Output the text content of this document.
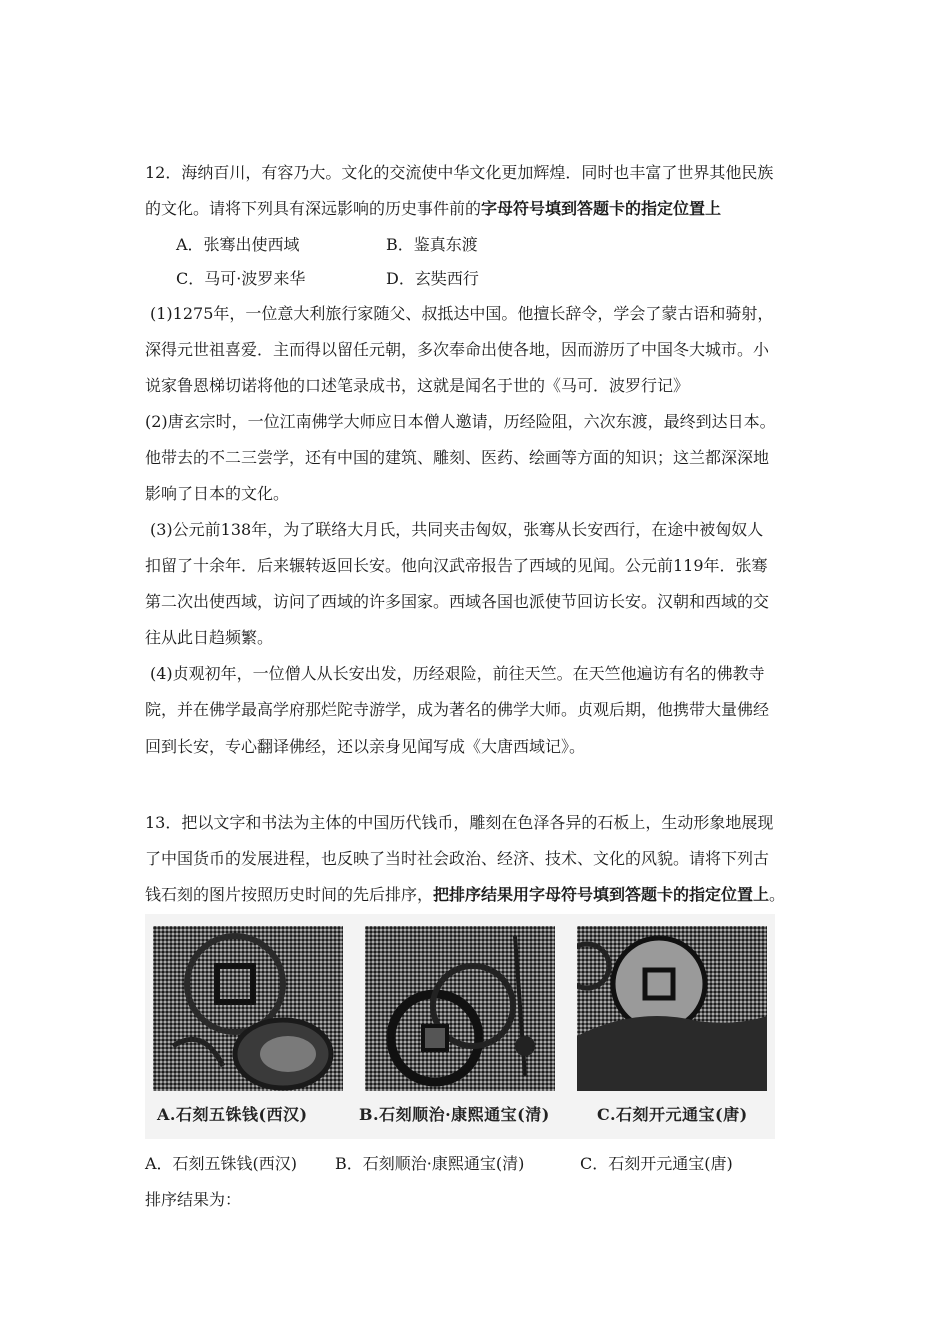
12．海纳百川，有容乃大。文化的交流使中华文化更加辉煌．同时也丰富了世界其他民族
的文化。请将下列具有深远影响的历史事件前的字母符号填到答题卡的指定位置上
A．张骞出使西域	B．鉴真东渡
C．马可·波罗来华	D．玄奘西行
(1)1275年，一位意大利旅行家随父、叔抵达中国。他擅长辞令，学会了蒙古语和骑射，
深得元世祖喜爱．主而得以留任元朝，多次奉命出使各地，因而游历了中国冬大城市。小
说家鲁恩梯切诺将他的口述笔录成书，这就是闻名于世的《马可．波罗行记》
(2)唐玄宗时，一位江南佛学大师应日本僧人邀请，历经险阻，六次东渡，最终到达日本。
他带去的不二三尝学，还有中国的建筑、雕刻、医药、绘画等方面的知识；这兰都深深地
影响了日本的文化。
(3)公元前138年，为了联络大月氏，共同夹击匈奴，张骞从长安西行，在途中被匈奴人
扣留了十余年．后来辗转返回长安。他向汉武帝报告了西域的见闻。公元前119年．张骞
第二次出使西域，访问了西域的许多国家。西域各国也派使节回访长安。汉朝和西域的交
往从此日趋频繁。
(4)贞观初年，一位僧人从长安出发，历经艰险，前往天竺。在天竺他遍访有名的佛教寺
院，并在佛学最高学府那烂陀寺游学，成为著名的佛学大师。贞观后期，他携带大量佛经
回到长安，专心翻译佛经，还以亲身见闻写成《大唐西域记》。
13．把以文字和书法为主体的中国历代钱币，雕刻在色泽各异的石板上，生动形象地展现
了中国货币的发展进程，也反映了当时社会政治、经济、技术、文化的风貌。请将下列古
钱石刻的图片按照历史时间的先后排序，把排序结果用字母符号填到答题卡的指定位置上。
A.石刻五铢钱(西汉)	B.石刻顺治·康熙通宝(清)	C.石刻开元通宝(唐)
A．石刻五铢钱(西汉) B．石刻顺治·康熙通宝(清)	C．石刻开元通宝(唐)
排序结果为：
